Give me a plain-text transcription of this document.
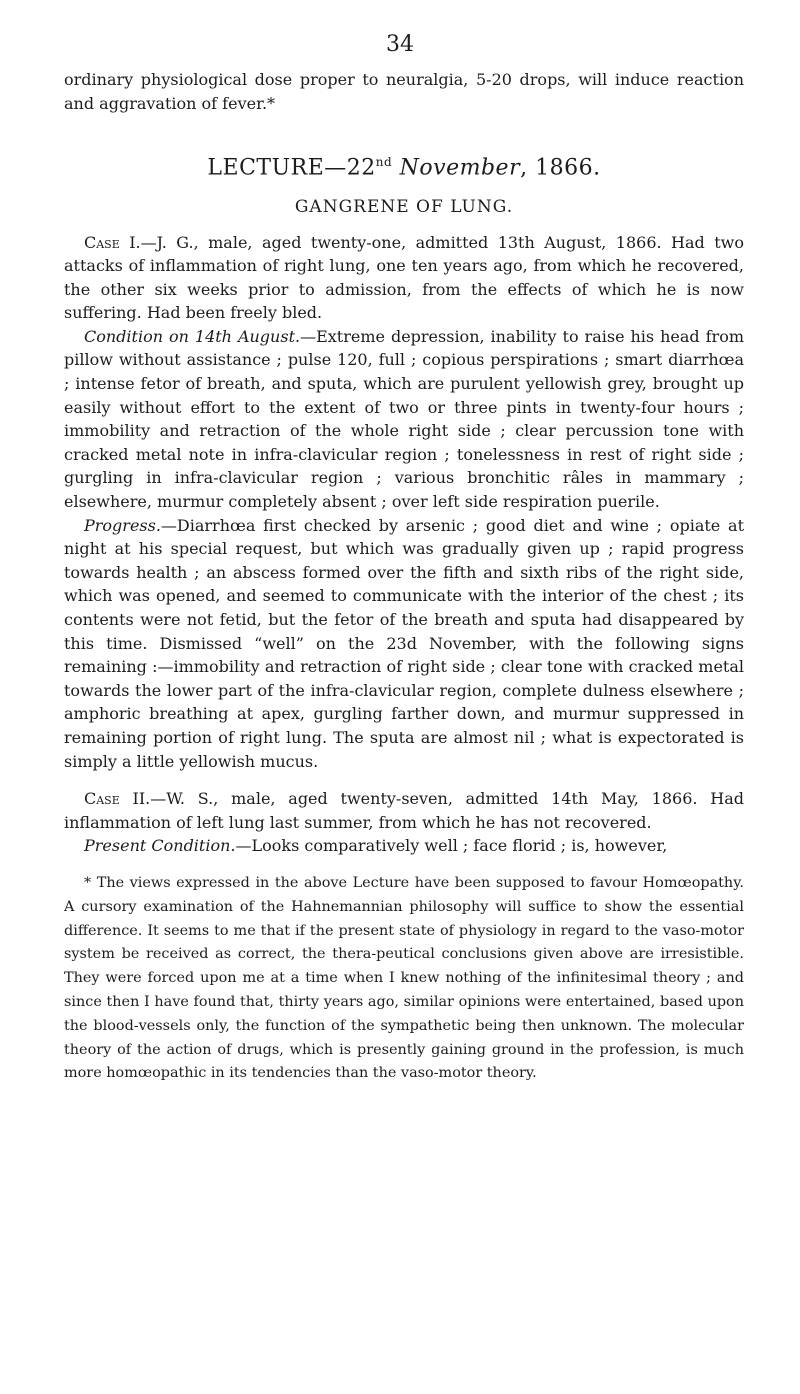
34

ordinary physiological dose proper to neuralgia, 5-20 drops, will induce reaction and aggravation of fever.*

LECTURE—22nd November, 1866.
GANGRENE OF LUNG.

Case I.—J. G., male, aged twenty-one, admitted 13th August, 1866. Had two attacks of inflammation of right lung, one ten years ago, from which he recovered, the other six weeks prior to admission, from the effects of which he is now suffering. Had been freely bled.

Condition on 14th August.—Extreme depression, inability to raise his head from pillow without assistance ; pulse 120, full ; copious perspirations ; smart diarrhœa ; intense fetor of breath, and sputa, which are purulent yellowish grey, brought up easily without effort to the extent of two or three pints in twenty-four hours ; immobility and retraction of the whole right side ; clear percussion tone with cracked metal note in infra-clavicular region ; tonelessness in rest of right side ; gurgling in infra-clavicular region ; various bronchitic râles in mammary ; elsewhere, murmur completely absent ; over left side respiration puerile.

Progress.—Diarrhœa first checked by arsenic ; good diet and wine ; opiate at night at his special request, but which was gradually given up ; rapid progress towards health ; an abscess formed over the fifth and sixth ribs of the right side, which was opened, and seemed to communicate with the interior of the chest ; its contents were not fetid, but the fetor of the breath and sputa had disappeared by this time. Dismissed “well” on the 23d November, with the following signs remaining :—immobility and retraction of right side ; clear tone with cracked metal towards the lower part of the infra-clavicular region, complete dulness elsewhere ; amphoric breathing at apex, gurgling farther down, and murmur suppressed in remaining portion of right lung. The sputa are almost nil ; what is expectorated is simply a little yellowish mucus.

Case II.—W. S., male, aged twenty-seven, admitted 14th May, 1866. Had inflammation of left lung last summer, from which he has not recovered.

Present Condition.—Looks comparatively well ; face florid ; is, however,

* The views expressed in the above Lecture have been supposed to favour Homœopathy. A cursory examination of the Hahnemannian philosophy will suffice to show the essential difference. It seems to me that if the present state of physiology in regard to the vaso-motor system be received as correct, the thera-peutical conclusions given above are irresistible. They were forced upon me at a time when I knew nothing of the infinitesimal theory ; and since then I have found that, thirty years ago, similar opinions were entertained, based upon the blood-vessels only, the function of the sympathetic being then unknown. The molecular theory of the action of drugs, which is presently gaining ground in the profession, is much more homœopathic in its tendencies than the vaso-motor theory.
